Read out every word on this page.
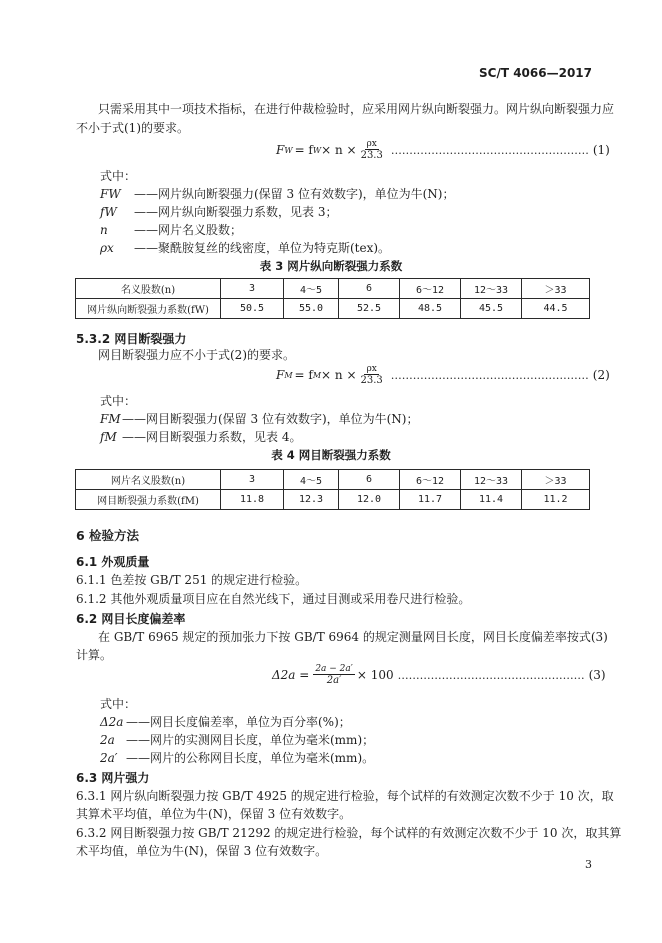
SC/T 4066—2017
只需采用其中一项技术指标，在进行仲裁检验时，应采用网片纵向断裂强力。网片纵向断裂强力应
不小于式(1)的要求。
F W = f $W \times n \times \frac{\rho x}{23.3}$ ……………………………………………… (1)
式中：
FW ——网片纵向断裂强力(保留 3 位有效数字)，单位为牛(N)；
fW ——网片纵向断裂强力系数，见表 3；
n ——网片名义股数；
ρx ——聚酰胺复丝的线密度，单位为特克斯(tex)。
表 3 网片纵向断裂强力系数
名义股数(n)	3	4～5	6	6～12	12～33	＞33
网片纵向断裂强力系数(fW)	50.5	55.0	52.5	48.5	45.5	44.5
5.3.2 网目断裂强力
网目断裂强力应不小于式(2)的要求。
F M = f $M \times n \times \frac{\rho x}{23.3}$ ……………………………………………… (2)
式中：
FM——网目断裂强力(保留 3 位有效数字)，单位为牛(N)；
fM ——网目断裂强力系数，见表 4。
表 4 网目断裂强力系数
网片名义股数(n)	3	4～5	6	6～12	12～33	＞33
网目断裂强力系数(fM)	11.8	12.3	12.0	11.7	11.4	11.2
6 检验方法
6.1 外观质量
6.1.1 色差按 GB/T 251 的规定进行检验。
6.1.2 其他外观质量项目应在自然光线下，通过目测或采用卷尺进行检验。
6.2 网目长度偏差率
在 GB/T 6965 规定的预加张力下按 GB/T 6964 的规定测量网目长度，网目长度偏差率按式(3)
计算。
$\Delta 2a = \frac{2a - 2a'}{2a'} \times 100$ …………………………………………… (3)
式中：
Δ2a ——网目长度偏差率，单位为百分率(%)；
2a ——网片的实测网目长度，单位为毫米(mm)；
2a′ ——网片的公称网目长度，单位为毫米(mm)。
6.3 网片强力
6.3.1 网片纵向断裂强力按 GB/T 4925 的规定进行检验，每个试样的有效测定次数不少于 10 次，取
其算术平均值，单位为牛(N)，保留 3 位有效数字。
6.3.2 网目断裂强力按 GB/T 21292 的规定进行检验，每个试样的有效测定次数不少于 10 次，取其算
术平均值，单位为牛(N)，保留 3 位有效数字。
3
